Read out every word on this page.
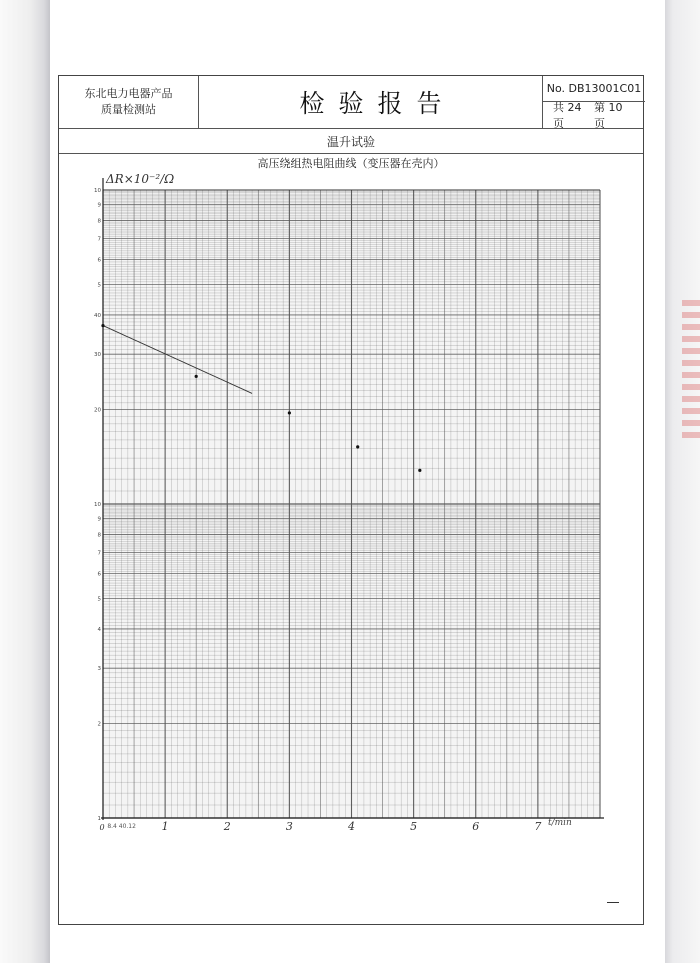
东北电力电器产品
质量检测站	检验报告
No. DB13001C01
共 24 页
第 10 页
温升试验
高压绕组热电阻曲线（变压器在壳内）
1
2
3
4
5
6
7
8
9
10
20
30
40
5
6
7
8
9
10
0	1	2	3	4	5	6	7
8.4 40.12
ΔR×10⁻²/Ω
t/min
